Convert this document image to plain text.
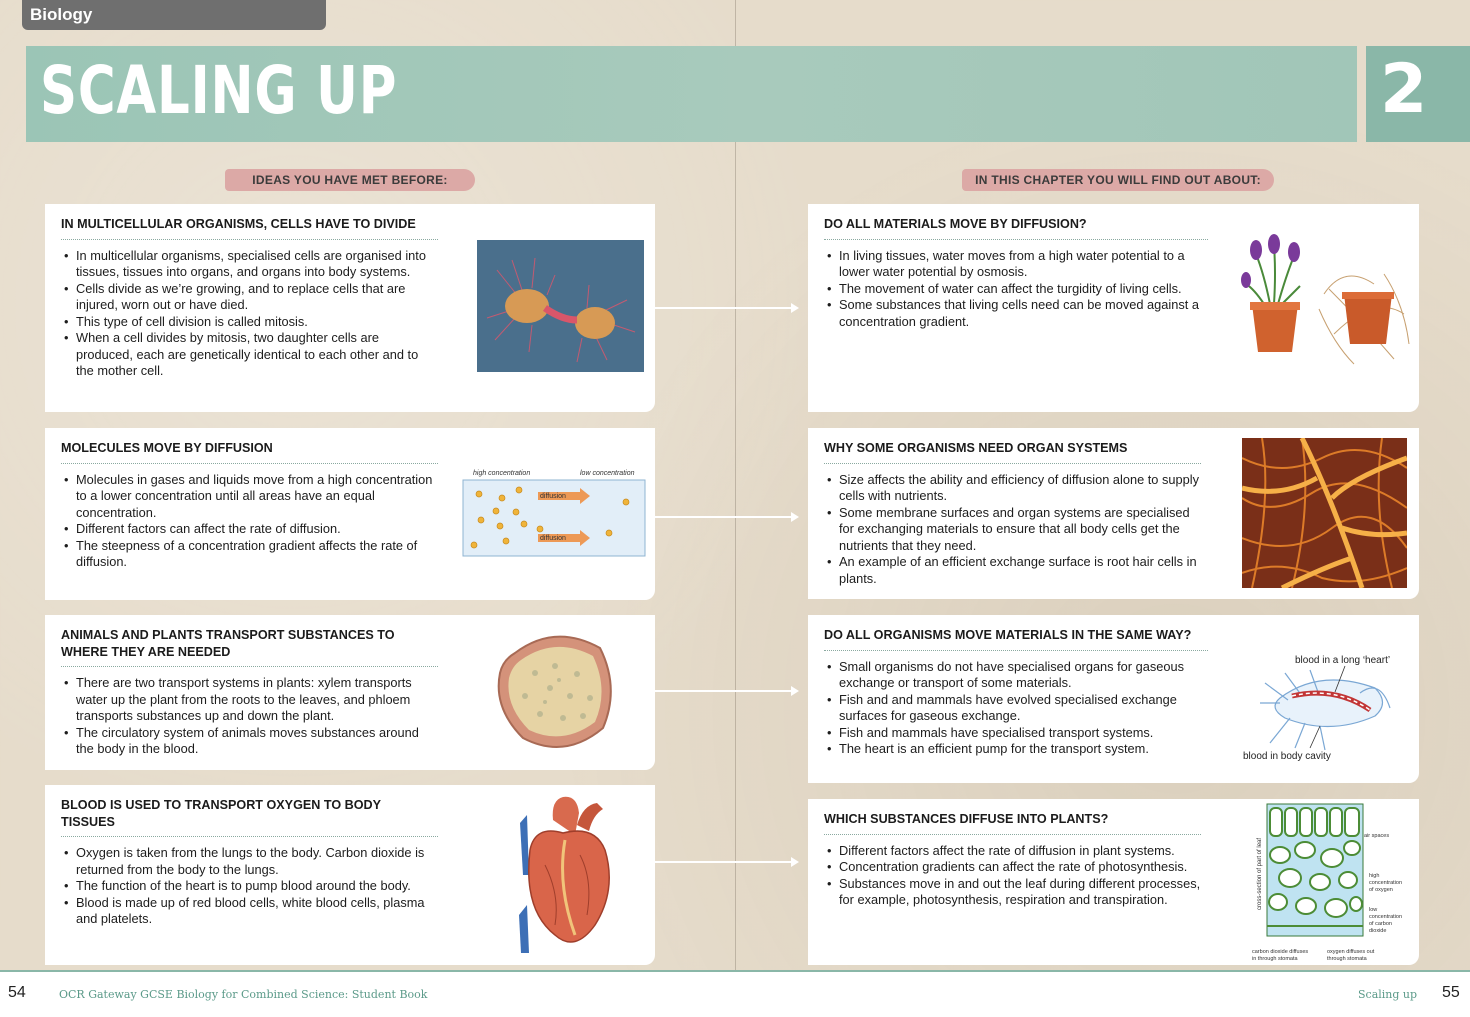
Biology
SCALING UP	2
IDEAS YOU HAVE MET BEFORE:	IN THIS CHAPTER YOU WILL FIND OUT ABOUT:
IN MULTICELLULAR ORGANISMS, CELLS HAVE TO DIVIDE
• In multicellular organisms, specialised cells are organised into tissues, tissues into organs, and organs into body systems.
• Cells divide as we’re growing, and to replace cells that are injured, worn out or have died.
• This type of cell division is called mitosis.
• When a cell divides by mitosis, two daughter cells are produced, each are genetically identical to each other and to the mother cell.
MOLECULES MOVE BY DIFFUSION
• Molecules in gases and liquids move from a high concentration to a lower concentration until all areas have an equal concentration.
• Different factors can affect the rate of diffusion.
• The steepness of a concentration gradient affects the rate of diffusion.
high concentration	low concentration
diffusion
diffusion
ANIMALS AND PLANTS TRANSPORT SUBSTANCES TO WHERE THEY ARE NEEDED
• There are two transport systems in plants: xylem transports water up the plant from the roots to the leaves, and phloem transports substances up and down the plant.
• The circulatory system of animals moves substances around the body in the blood.
BLOOD IS USED TO TRANSPORT OXYGEN TO BODY TISSUES
• Oxygen is taken from the lungs to the body. Carbon dioxide is returned from the body to the lungs.
• The function of the heart is to pump blood around the body.
• Blood is made up of red blood cells, white blood cells, plasma and platelets.
DO ALL MATERIALS MOVE BY DIFFUSION?
• In living tissues, water moves from a high water potential to a lower water potential by osmosis.
• The movement of water can affect the turgidity of living cells.
• Some substances that living cells need can be moved against a concentration gradient.
WHY SOME ORGANISMS NEED ORGAN SYSTEMS
• Size affects the ability and efficiency of diffusion alone to supply cells with nutrients.
• Some membrane surfaces and organ systems are specialised for exchanging materials to ensure that all body cells get the nutrients that they need.
• An example of an efficient exchange surface is root hair cells in plants.
DO ALL ORGANISMS MOVE MATERIALS IN THE SAME WAY?
• Small organisms do not have specialised organs for gaseous exchange or transport of some materials.
• Fish and and mammals have evolved specialised exchange surfaces for gaseous exchange.
• Fish and mammals have specialised transport systems.
• The heart is an efficient pump for the transport system.
blood in a long ‘heart’
blood in body cavity
WHICH SUBSTANCES DIFFUSE INTO PLANTS?
• Different factors affect the rate of diffusion in plant systems.
• Concentration gradients can affect the rate of photosynthesis.
• Substances move in and out the leaf during different processes, for example, photosynthesis, respiration and transpiration.	cross-section of part of leaf
air spaces
high concentration of oxygen
low concentration of carbon dioxide
carbon dioxide diffuses in through stomata
oxygen diffuses out through stomata
54	OCR Gateway GCSE Biology for Combined Science: Student Book	Scaling up 55
